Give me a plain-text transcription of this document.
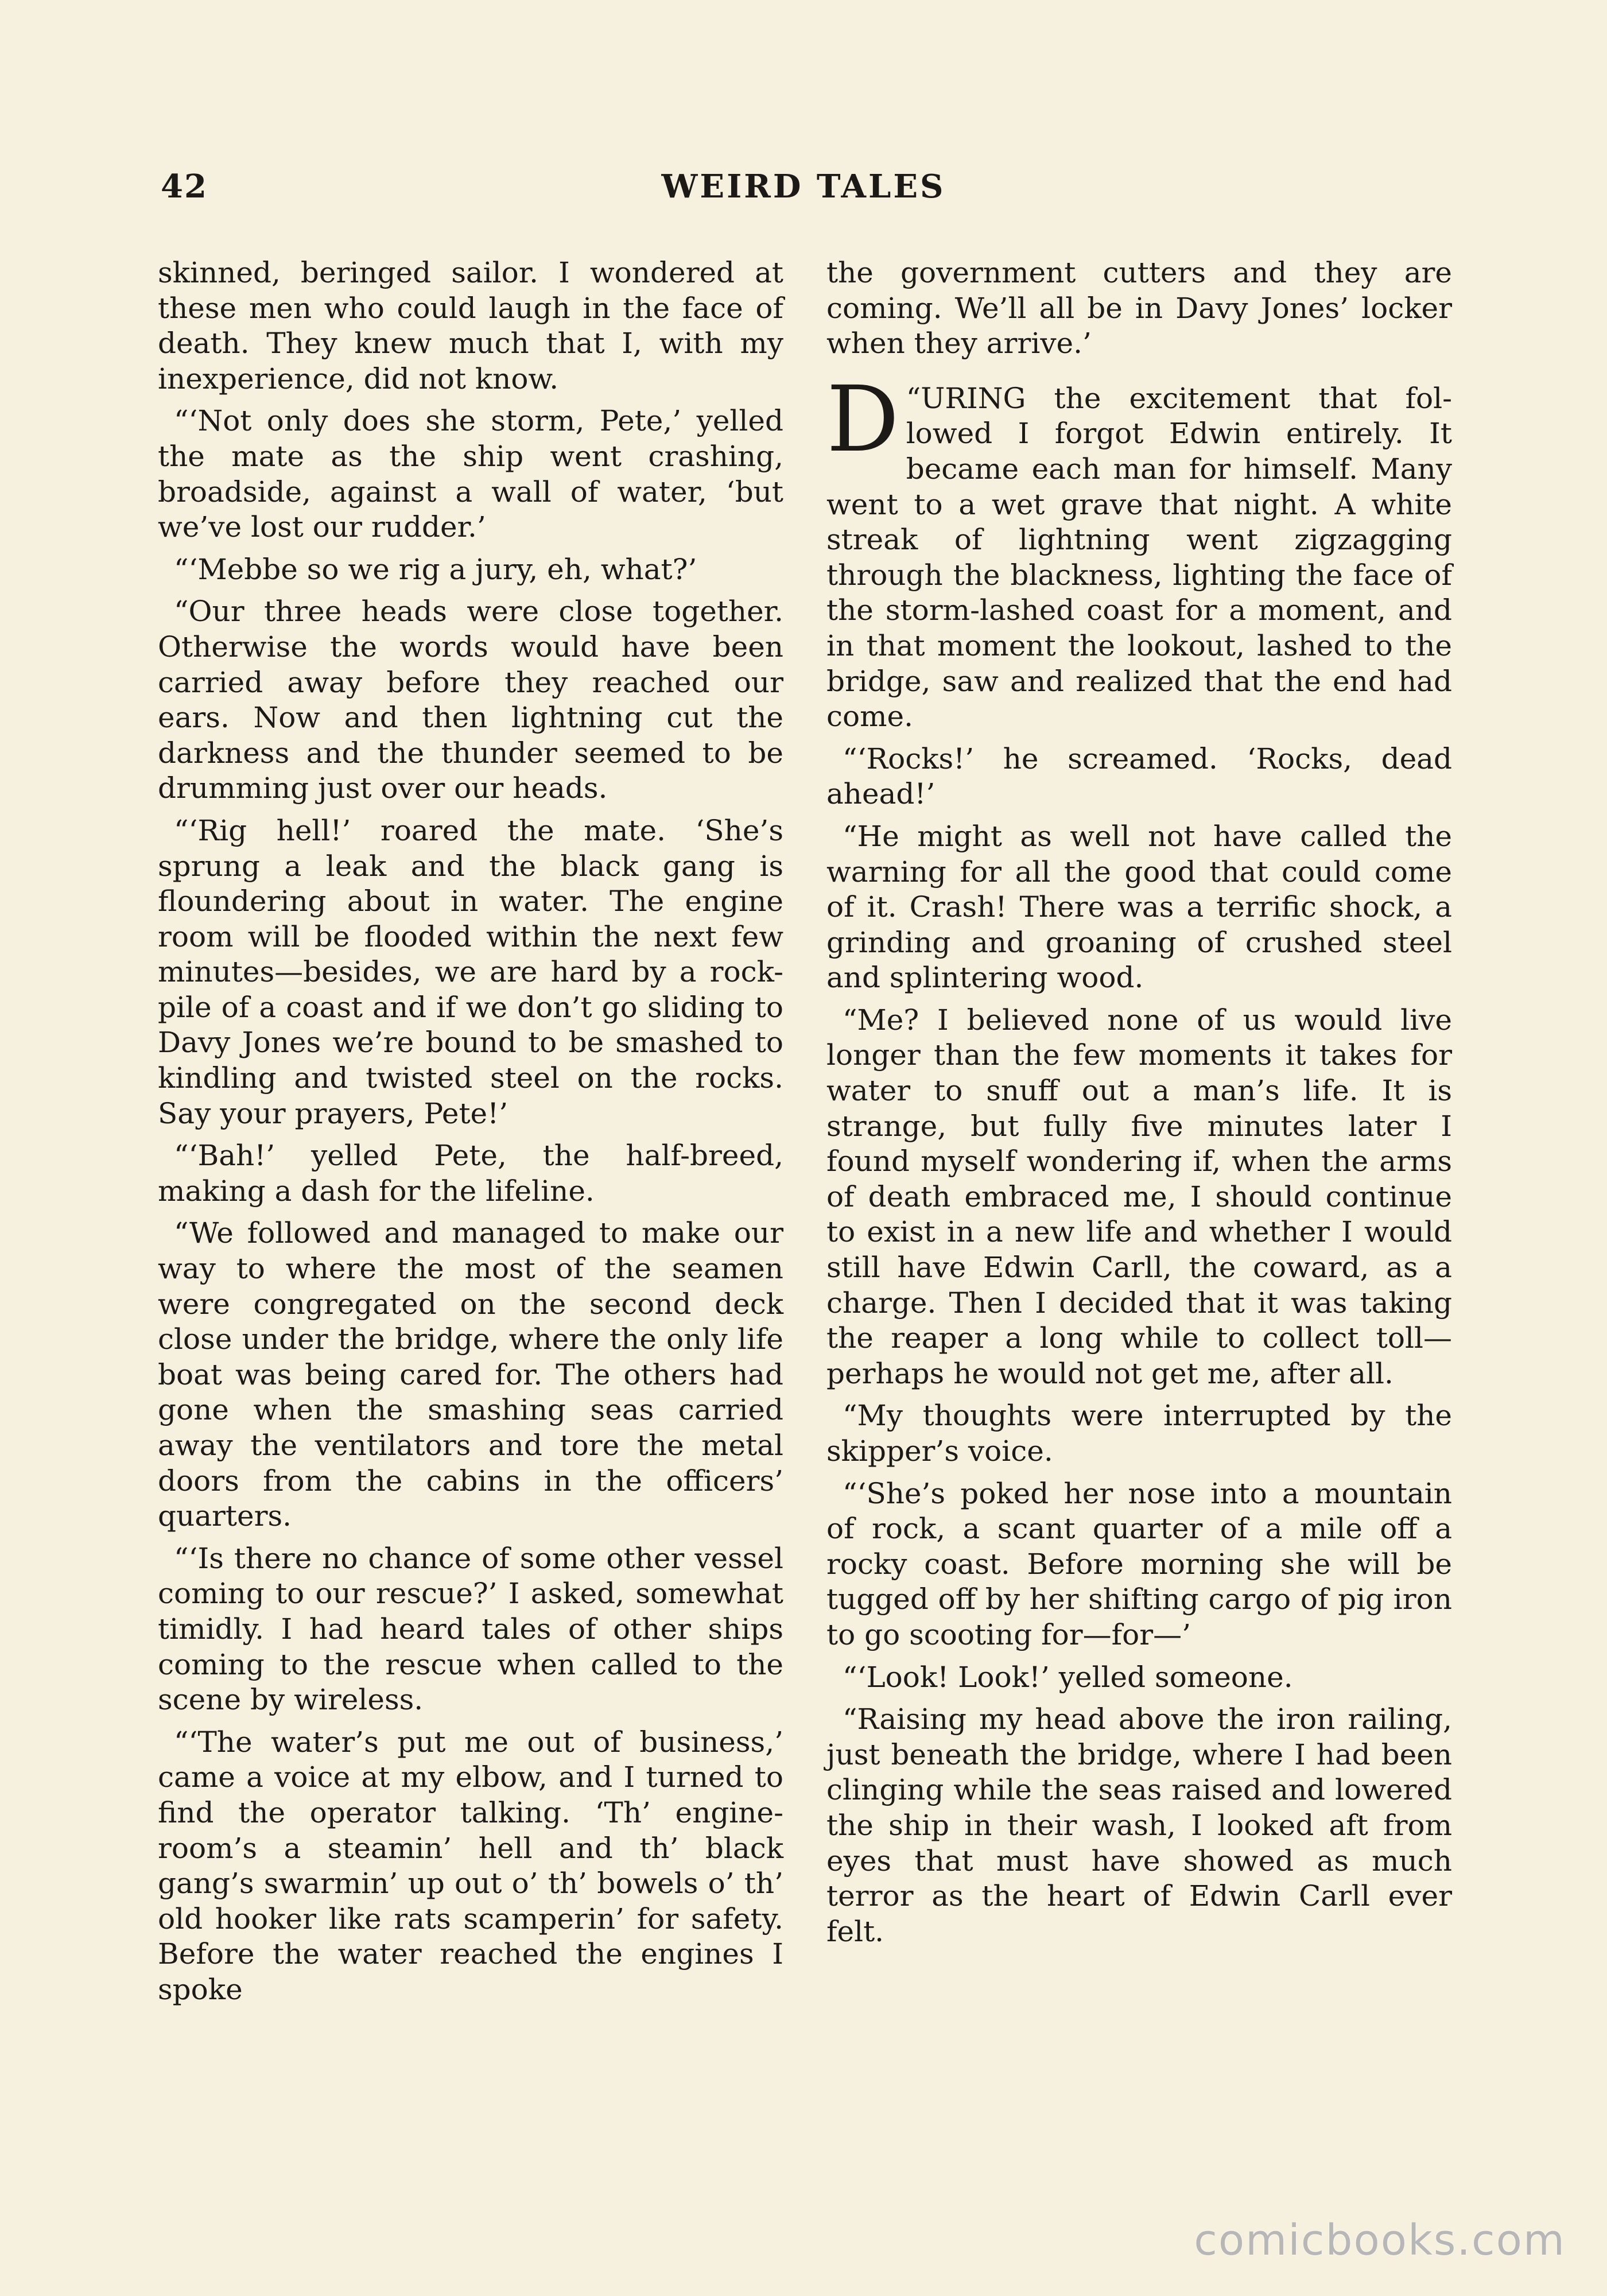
42	WEIRD TALES

skinned, beringed sailor. I wondered at these men who could laugh in the face of death. They knew much that I, with my inexperience, did not know.

“‘Not only does she storm, Pete,’ yelled the mate as the ship went crashing, broadside, against a wall of water, ‘but we’ve lost our rudder.’

“‘Mebbe so we rig a jury, eh, what?’

“Our three heads were close together. Otherwise the words would have been carried away before they reached our ears. Now and then lightning cut the darkness and the thunder seemed to be drumming just over our heads.

“‘Rig hell!’ roared the mate. ‘She’s sprung a leak and the black gang is floundering about in water. The engine room will be flooded within the next few minutes—besides, we are hard by a rock-pile of a coast and if we don’t go sliding to Davy Jones we’re bound to be smashed to kindling and twisted steel on the rocks. Say your prayers, Pete!’

“‘Bah!’ yelled Pete, the half-breed, making a dash for the lifeline.

“We followed and managed to make our way to where the most of the seamen were congregated on the second deck close under the bridge, where the only life boat was being cared for. The others had gone when the smashing seas carried away the ventilators and tore the metal doors from the cabins in the officers’ quarters.

“‘Is there no chance of some other vessel coming to our rescue?’ I asked, somewhat timidly. I had heard tales of other ships coming to the rescue when called to the scene by wireless.

“‘The water’s put me out of business,’ came a voice at my elbow, and I turned to find the operator talking. ‘Th’ engine-room’s a steamin’ hell and th’ black gang’s swarmin’ up out o’ th’ bowels o’ th’ old hooker like rats scamperin’ for safety. Before the water reached the engines I spoke

the government cutters and they are coming. We’ll all be in Davy Jones’ locker when they arrive.’

“
D URING the excitement that followed I forgot Edwin entirely. It became each man for himself. Many went to a wet grave that night. A white streak of lightning went zigzagging through the blackness, lighting the face of the storm-lashed coast for a moment, and in that moment the lookout, lashed to the bridge, saw and realized that the end had come.

“‘Rocks!’ he screamed. ‘Rocks, dead ahead!’

“He might as well not have called the warning for all the good that could come of it. Crash! There was a terrific shock, a grinding and groaning of crushed steel and splintering wood.

“Me? I believed none of us would live longer than the few moments it takes for water to snuff out a man’s life. It is strange, but fully five minutes later I found myself wondering if, when the arms of death embraced me, I should continue to exist in a new life and whether I would still have Edwin Carll, the coward, as a charge. Then I decided that it was taking the reaper a long while to collect toll—perhaps he would not get me, after all.

“My thoughts were interrupted by the skipper’s voice.

“‘She’s poked her nose into a mountain of rock, a scant quarter of a mile off a rocky coast. Before morning she will be tugged off by her shifting cargo of pig iron to go scooting for—for—’

“‘Look! Look!’ yelled someone.

“Raising my head above the iron railing, just beneath the bridge, where I had been clinging while the seas raised and lowered the ship in their wash, I looked aft from eyes that must have showed as much terror as the heart of Edwin Carll ever felt.

comicbooks.com
